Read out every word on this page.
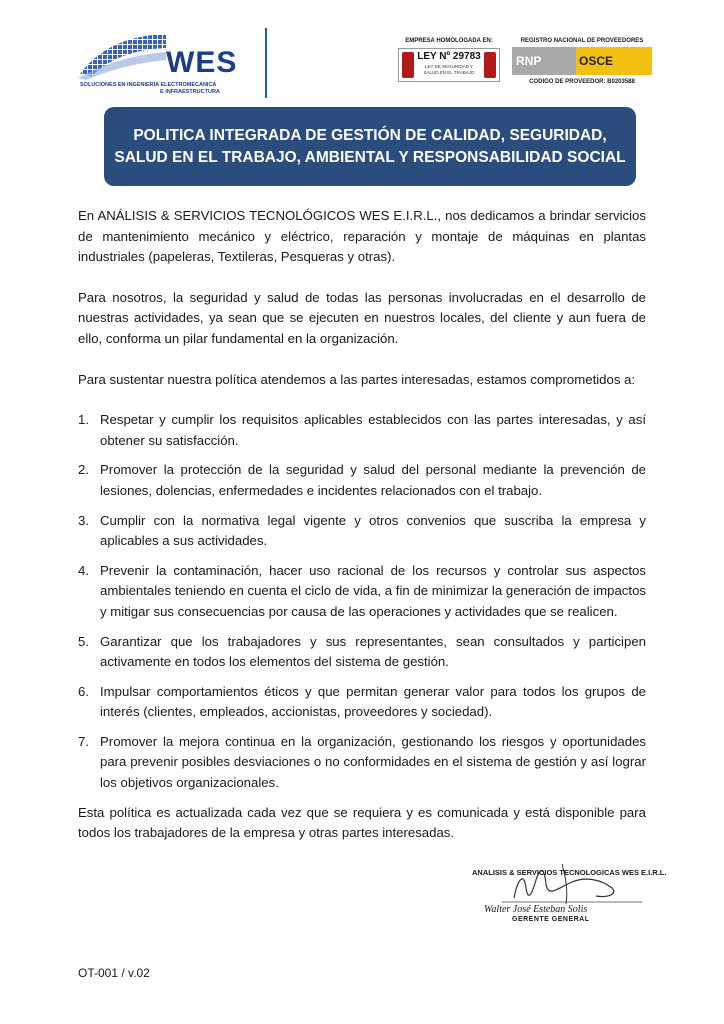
WES
SOLUCIONES EN INGENIERIA ELECTROMECANICA
E INFRAESTRUCTURA
EMPRESA HOMOLOGADA EN:
LEY Nº 29783
LEY DE SEGURIDAD Y SALUD EN EL TRABAJO
REGISTRO NACIONAL DE PROVEEDORES
RNP	OSCE
CODIGO DE PROVEEDOR: B0203588
POLITICA INTEGRADA DE GESTIÓN DE CALIDAD, SEGURIDAD,
SALUD EN EL TRABAJO, AMBIENTAL Y RESPONSABILIDAD SOCIAL

En ANÁLISIS & SERVICIOS TECNOLÓGICOS WES E.I.R.L., nos dedicamos a brindar servicios de mantenimiento mecánico y eléctrico, reparación y montaje de máquinas en plantas industriales (papeleras, Textileras, Pesqueras y otras).

Para nosotros, la seguridad y salud de todas las personas involucradas en el desarrollo de nuestras actividades, ya sean que se ejecuten en nuestros locales, del cliente y aun fuera de ello, conforma un pilar fundamental en la organización.

Para sustentar nuestra política atendemos a las partes interesadas, estamos comprometidos a:

1. Respetar y cumplir los requisitos aplicables establecidos con las partes interesadas, y así obtener su satisfacción.
2. Promover la protección de la seguridad y salud del personal mediante la prevención de lesiones, dolencias, enfermedades e incidentes relacionados con el trabajo.
3. Cumplir con la normativa legal vigente y otros convenios que suscriba la empresa y aplicables a sus actividades.
4. Prevenir la contaminación, hacer uso racional de los recursos y controlar sus aspectos ambientales teniendo en cuenta el ciclo de vida, a fin de minimizar la generación de impactos y mitigar sus consecuencias por causa de las operaciones y actividades que se realicen.
5. Garantizar que los trabajadores y sus representantes, sean consultados y participen activamente en todos los elementos del sistema de gestión.
6. Impulsar comportamientos éticos y que permitan generar valor para todos los grupos de interés (clientes, empleados, accionistas, proveedores y sociedad).
7. Promover la mejora continua en la organización, gestionando los riesgos y oportunidades para prevenir posibles desviaciones o no conformidades en el sistema de gestión y así lograr los objetivos organizacionales.

Esta política es actualizada cada vez que se requiera y es comunicada y está disponible para todos los trabajadores de la empresa y otras partes interesadas.

ANALISIS & SERVICIOS TECNOLOGICAS WES E.I.R.L.
Walter José Esteban Solis
GERENTE GENERAL
OT-001 / v.02
